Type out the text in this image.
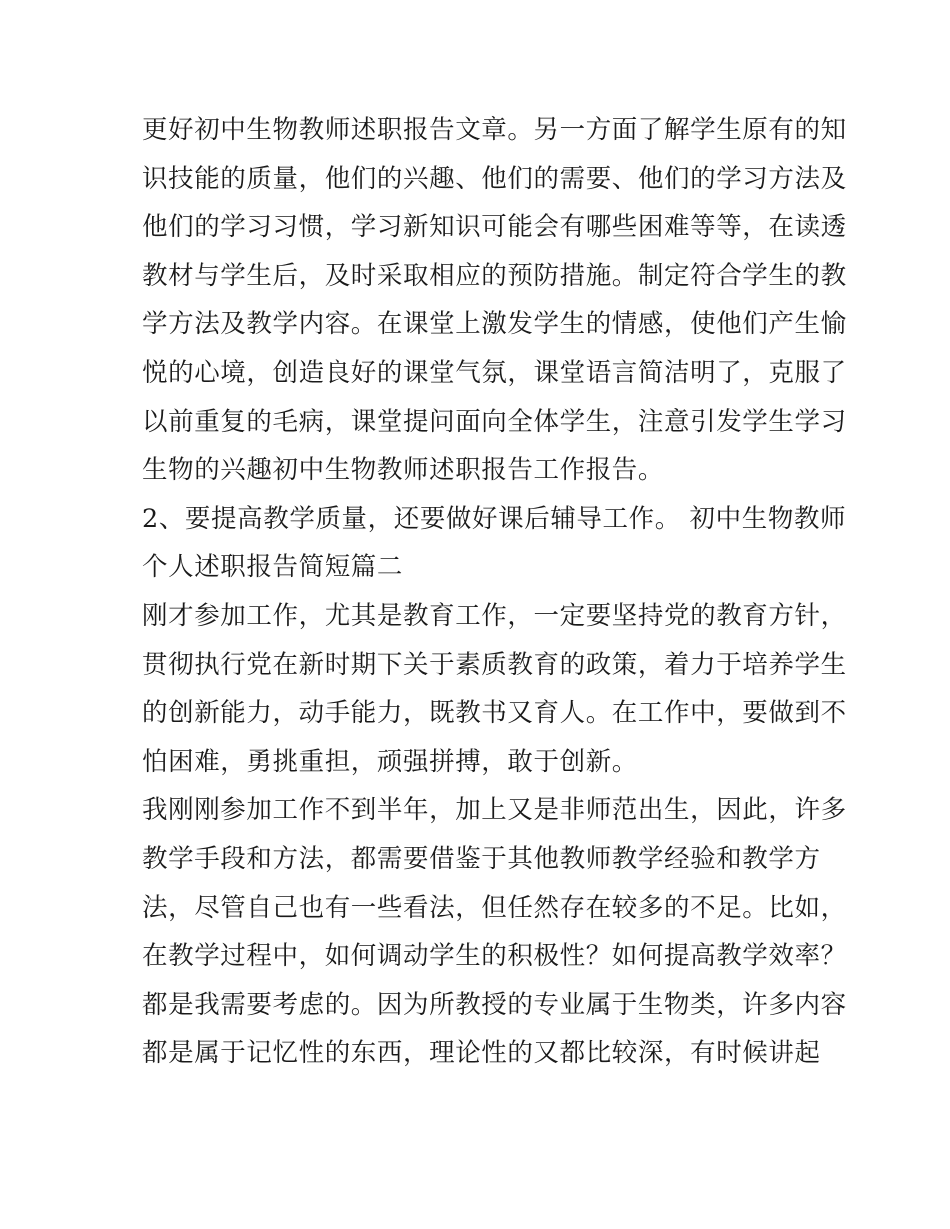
更好初中生物教师述职报告文章。另一方面了解学生原有的知
识技能的质量，他们的兴趣、他们的需要、他们的学习方法及
他们的学习习惯，学习新知识可能会有哪些困难等等，在读透
教材与学生后，及时采取相应的预防措施。制定符合学生的教
学方法及教学内容。在课堂上激发学生的情感，使他们产生愉
悦的心境，创造良好的课堂气氛，课堂语言简洁明了，克服了
以前重复的毛病，课堂提问面向全体学生，注意引发学生学习
生物的兴趣初中生物教师述职报告工作报告。
2、要提高教学质量，还要做好课后辅导工作。 初中生物教师
个人述职报告简短篇二
刚才参加工作，尤其是教育工作，一定要坚持党的教育方针，
贯彻执行党在新时期下关于素质教育的政策，着力于培养学生
的创新能力，动手能力，既教书又育人。在工作中，要做到不
怕困难，勇挑重担，顽强拼搏，敢于创新。
我刚刚参加工作不到半年，加上又是非师范出生，因此，许多
教学手段和方法，都需要借鉴于其他教师教学经验和教学方
法，尽管自己也有一些看法，但任然存在较多的不足。比如，
在教学过程中，如何调动学生的积极性？如何提高教学效率？
都是我需要考虑的。因为所教授的专业属于生物类，许多内容
都是属于记忆性的东西，理论性的又都比较深，有时候讲起
